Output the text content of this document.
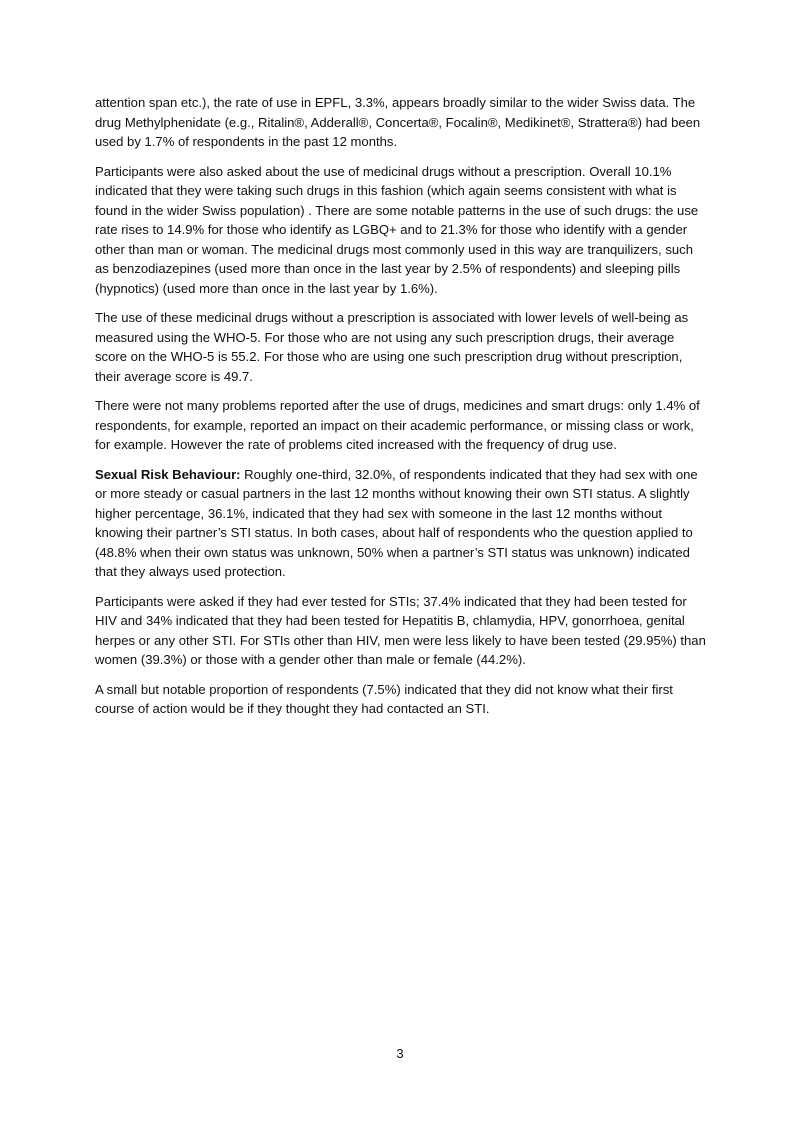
attention span etc.), the rate of use in EPFL, 3.3%, appears broadly similar to the wider Swiss data. The drug Methylphenidate (e.g., Ritalin®, Adderall®, Concerta®, Focalin®, Medikinet®, Strattera®) had been used by 1.7% of respondents in the past 12 months.

Participants were also asked about the use of medicinal drugs without a prescription. Overall 10.1% indicated that they were taking such drugs in this fashion (which again seems consistent with what is found in the wider Swiss population) . There are some notable patterns in the use of such drugs: the use rate rises to 14.9% for those who identify as LGBQ+ and to 21.3% for those who identify with a gender other than man or woman. The medicinal drugs most commonly used in this way are tranquilizers, such as benzodiazepines (used more than once in the last year by 2.5% of respondents) and sleeping pills (hypnotics) (used more than once in the last year by 1.6%).

The use of these medicinal drugs without a prescription is associated with lower levels of well-being as measured using the WHO-5. For those who are not using any such prescription drugs, their average score on the WHO-5 is 55.2. For those who are using one such prescription drug without prescription, their average score is 49.7.

There were not many problems reported after the use of drugs, medicines and smart drugs: only 1.4% of respondents, for example, reported an impact on their academic performance, or missing class or work, for example. However the rate of problems cited increased with the frequency of drug use.

Sexual Risk Behaviour: Roughly one-third, 32.0%, of respondents indicated that they had sex with one or more steady or casual partners in the last 12 months without knowing their own STI status. A slightly higher percentage, 36.1%, indicated that they had sex with someone in the last 12 months without knowing their partner’s STI status. In both cases, about half of respondents who the question applied to (48.8% when their own status was unknown, 50% when a partner’s STI status was unknown) indicated that they always used protection.

Participants were asked if they had ever tested for STIs; 37.4% indicated that they had been tested for HIV and 34% indicated that they had been tested for Hepatitis B, chlamydia, HPV, gonorrhoea, genital herpes or any other STI. For STIs other than HIV, men were less likely to have been tested (29.95%) than women (39.3%) or those with a gender other than male or female (44.2%).

A small but notable proportion of respondents (7.5%) indicated that they did not know what their first course of action would be if they thought they had contacted an STI.

3
